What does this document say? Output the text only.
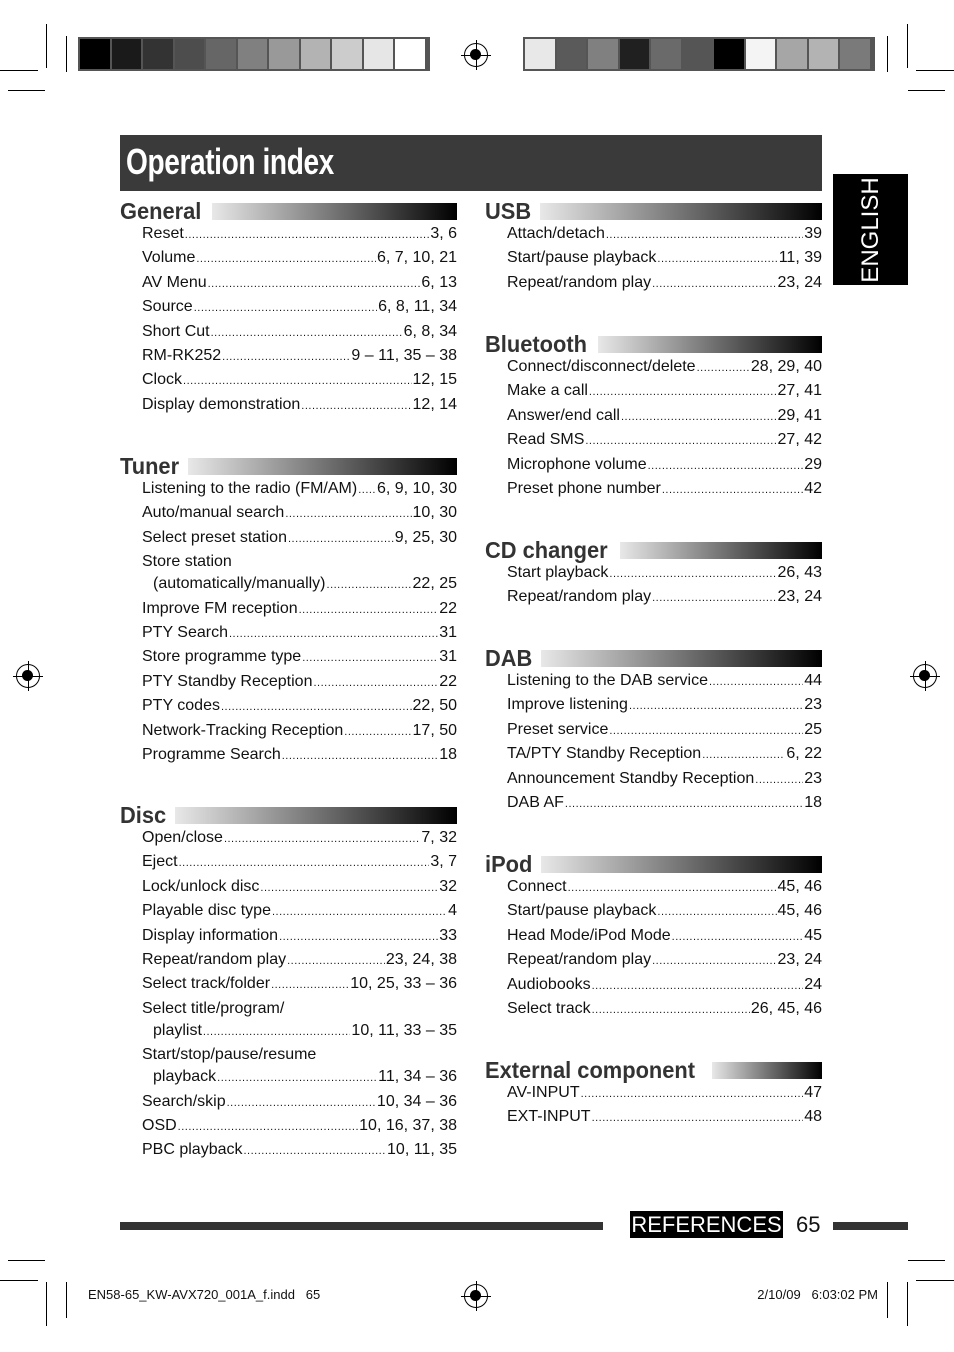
Operation index
ENGLISH
General
Reset .....	3, 6
Volume .....	6, 7, 10, 21
AV Menu .....	6, 13
Source .....	6, 8, 11, 34
Short Cut .....	6, 8, 34
RM-RK252 .....	9 – 11, 35 – 38
Clock .....	12, 15
Display demonstration .....	12, 14
Tuner
Listening to the radio (FM/AM) ..... 6, 9, 10, 30
Auto/manual search .....	10, 30
Select preset station .....	9, 25, 30
Store station
(automatically/manually) .....	22, 25
Improve FM reception .....	22
PTY Search .....	31
Store programme type .....	31
PTY Standby Reception .....	22
PTY codes .....	22, 50
Network-Tracking Reception .....	17, 50
Programme Search .....	18
Disc
Open/close .....	7, 32
Eject .....	3, 7
Lock/unlock disc .....	32
Playable disc type .....	4
Display information .....	33
Repeat/random play .....	23, 24, 38
Select track/folder .....	10, 25, 33 – 36
Select title/program/
playlist .....	10, 11, 33 – 35
Start/stop/pause/resume
playback .....	11, 34 – 36
Search/skip .....	10, 34 – 36
OSD .....	10, 16, 37, 38
PBC playback .....	10, 11, 35
USB
Attach/detach .....	39
Start/pause playback .....	11, 39
Repeat/random play .....	23, 24
Bluetooth
Connect/disconnect/delete .....	28, 29, 40
Make a call .....	27, 41
Answer/end call .....	29, 41
Read SMS .....	27, 42
Microphone volume .....	29
Preset phone number .....	42
CD changer
Start playback .....	26, 43
Repeat/random play .....	23, 24
DAB
Listening to the DAB service .....	44
Improve listening .....	23
Preset service .....	25
TA/PTY Standby Reception .....	6, 22
Announcement Standby Reception .....	23
DAB AF .....	18
iPod
Connect .....	45, 46
Start/pause playback .....	45, 46
Head Mode/iPod Mode .....	45
Repeat/random play .....	23, 24
Audiobooks .....	24
Select track .....	26, 45, 46
External component
AV-INPUT .....	47
EXT-INPUT .....	48
REFERENCES 65
EN58-65_KW-AVX720_001A_f.indd   65	2/10/09   6:03:02 PM
